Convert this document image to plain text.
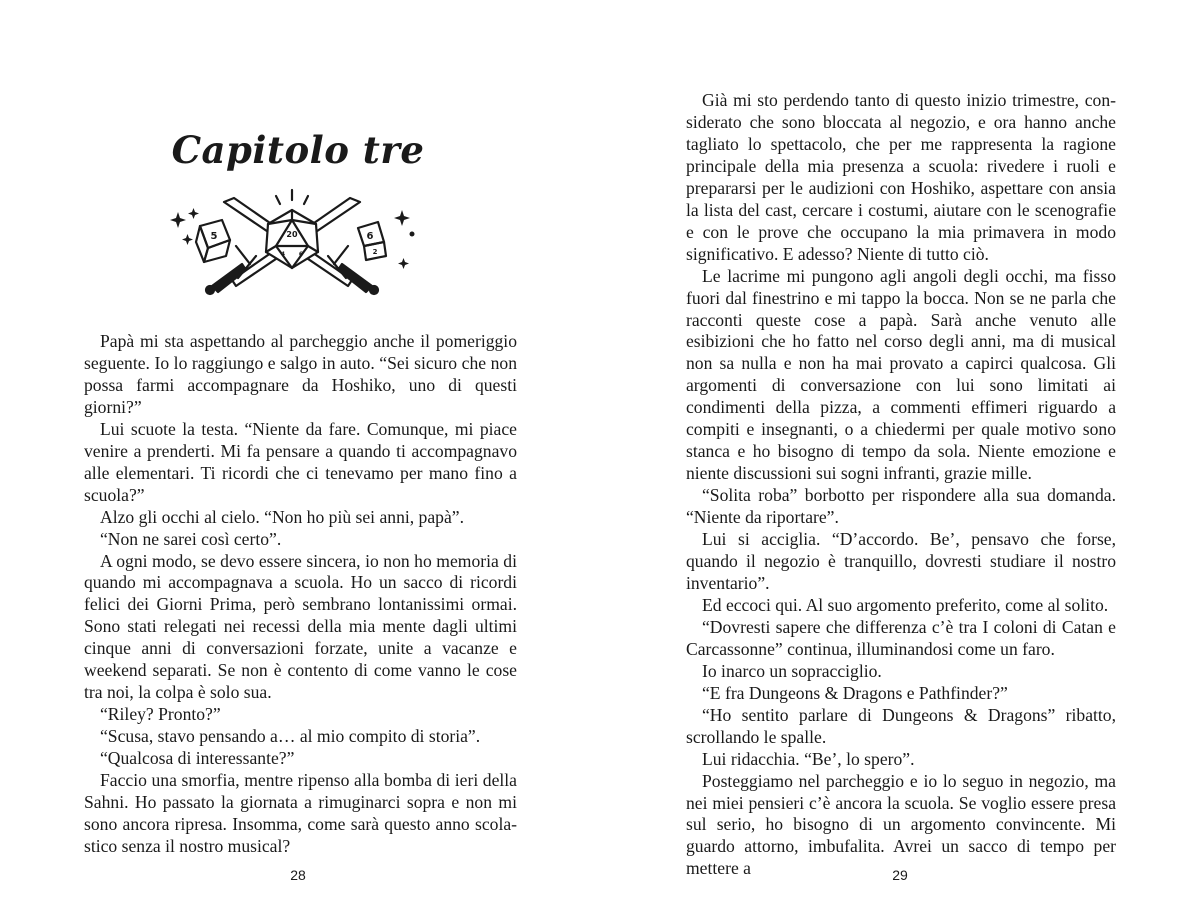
Capitolo tre
20
4 6
5	6
2

Papà mi sta aspettando al parcheggio anche il pomeriggio seguente. Io lo raggiungo e salgo in auto. “Sei sicuro che non possa farmi accompagnare da Hoshiko, uno di questi giorni?”

Lui scuote la testa. “Niente da fare. Comunque, mi piace venire a prenderti. Mi fa pensare a quando ti accompagnavo alle elementari. Ti ricordi che ci tenevamo per mano fino a scuola?”

Alzo gli occhi al cielo. “Non ho più sei anni, papà”.

“Non ne sarei così certo”.

A ogni modo, se devo essere sincera, io non ho memoria di quando mi accompagnava a scuola. Ho un sacco di ricordi felici dei Giorni Prima, però sembrano lontanissimi ormai. Sono stati relegati nei recessi della mia mente dagli ultimi cinque anni di conversazioni forzate, unite a vacanze e weekend separati. Se non è contento di come vanno le cose tra noi, la colpa è solo sua.

“Riley? Pronto?”

“Scusa, stavo pensando a… al mio compito di storia”.

“Qualcosa di interessante?”

Faccio una smorfia, mentre ripenso alla bomba di ieri della Sahni. Ho passato la giornata a rimuginarci sopra e non mi sono ancora ripresa. Insomma, come sarà questo anno scolastico senza il nostro musical?

28

Già mi sto perdendo tanto di questo inizio trimestre, considerato che sono bloccata al negozio, e ora hanno anche tagliato lo spettacolo, che per me rappresenta la ragione principale della mia presenza a scuola: rivedere i ruoli e prepararsi per le audizioni con Hoshiko, aspettare con ansia la lista del cast, cercare i costumi, aiutare con le scenografie e con le prove che occupano la mia primavera in modo significativo. E adesso? Niente di tutto ciò.

Le lacrime mi pungono agli angoli degli occhi, ma fisso fuori dal finestrino e mi tappo la bocca. Non se ne parla che racconti queste cose a papà. Sarà anche venuto alle esibizioni che ho fatto nel corso degli anni, ma di musical non sa nulla e non ha mai provato a capirci qualcosa. Gli argomenti di conversazione con lui sono limitati ai condimenti della pizza, a commenti effimeri riguardo a compiti e insegnanti, o a chiedermi per quale motivo sono stanca e ho bisogno di tempo da sola. Niente emozione e niente discussioni sui sogni infranti, grazie mille.

“Solita roba” borbotto per rispondere alla sua domanda. “Niente da riportare”.

Lui si acciglia. “D’accordo. Be’, pensavo che forse, quando il negozio è tranquillo, dovresti studiare il nostro inventario”.

Ed eccoci qui. Al suo argomento preferito, come al solito.

“Dovresti sapere che differenza c’è tra I coloni di Catan e Carcassonne” continua, illuminandosi come un faro.

Io inarco un sopracciglio.

“E fra Dungeons & Dragons e Pathfinder?”

“Ho sentito parlare di Dungeons & Dragons” ribatto, scrollando le spalle.

Lui ridacchia. “Be’, lo spero”.

Posteggiamo nel parcheggio e io lo seguo in negozio, ma nei miei pensieri c’è ancora la scuola. Se voglio essere presa sul serio, ho bisogno di un argomento convincente. Mi guardo attorno, imbufalita. Avrei un sacco di tempo per mettere a	29
